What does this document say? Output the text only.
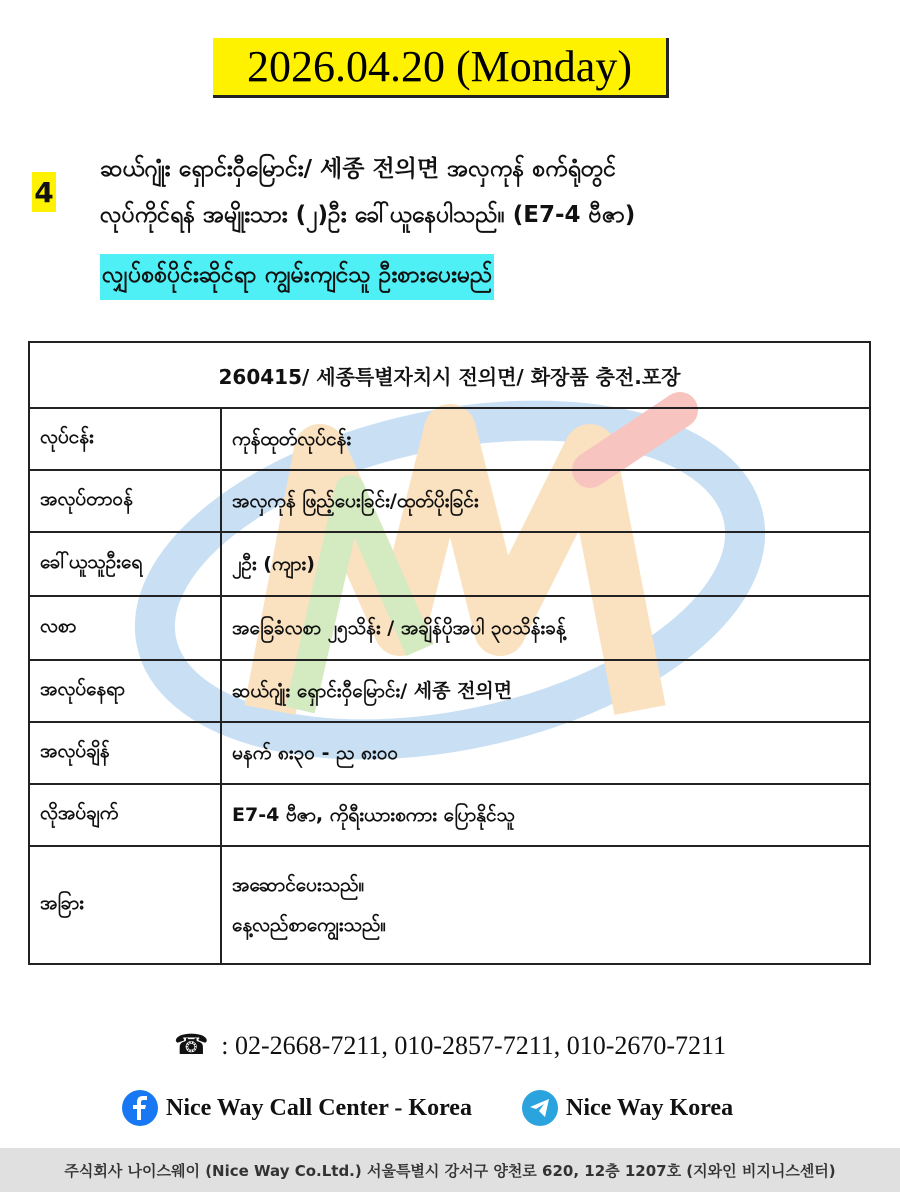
2026.04.20 (Monday)
4
ဆယ်ဂျုံး ရှောင်းဝှီမြောင်း/ 세종 전의면 အလှကုန် စက်ရုံတွင်
လုပ်ကိုင်ရန် အမျိုးသား (၂)ဦး ခေါ်ယူနေပါသည်။ (E7-4 ဗီဇာ)
လျှပ်စစ်ပိုင်းဆိုင်ရာ ကျွမ်းကျင်သူ ဦးစားပေးမည်
260415/ 세종특별자치시 전의면/ 화장품 충전.포장	
လုပ်ငန်း	ကုန်ထုတ်လုပ်ငန်း

အလုပ်တာဝန်	အလှကုန် ဖြည့်ပေးခြင်း/ထုတ်ပိုးခြင်း

ခေါ်ယူသူဦးရေ	၂ဦး (ကျား)

လစာ	အခြေခံလစာ ၂၅သိန်း / အချိန်ပိုအပါ ၃၀သိန်းခန့်

အလုပ်နေရာ	ဆယ်ဂျုံး ရှောင်းဝှီမြောင်း/ 세종 전의면

အလုပ်ချိန်	မနက် ၈း၃၀ - ည ၈း၀၀

လိုအပ်ချက်	E7-4 ဗီဇာ, ကိုရီးယားစကား ပြောနိုင်သူ

အခြား	အဆောင်ပေးသည်။
နေ့လည်စာကျွေးသည်။
☎ : 02-2668-7211, 010-2857-7211, 010-2670-7211
Nice Way Call Center - Korea	Nice Way Korea
주식회사 나이스웨이 (Nice Way Co.Ltd.) 서울특별시 강서구 양천로 620, 12층 1207호 (지와인 비지니스센터)
